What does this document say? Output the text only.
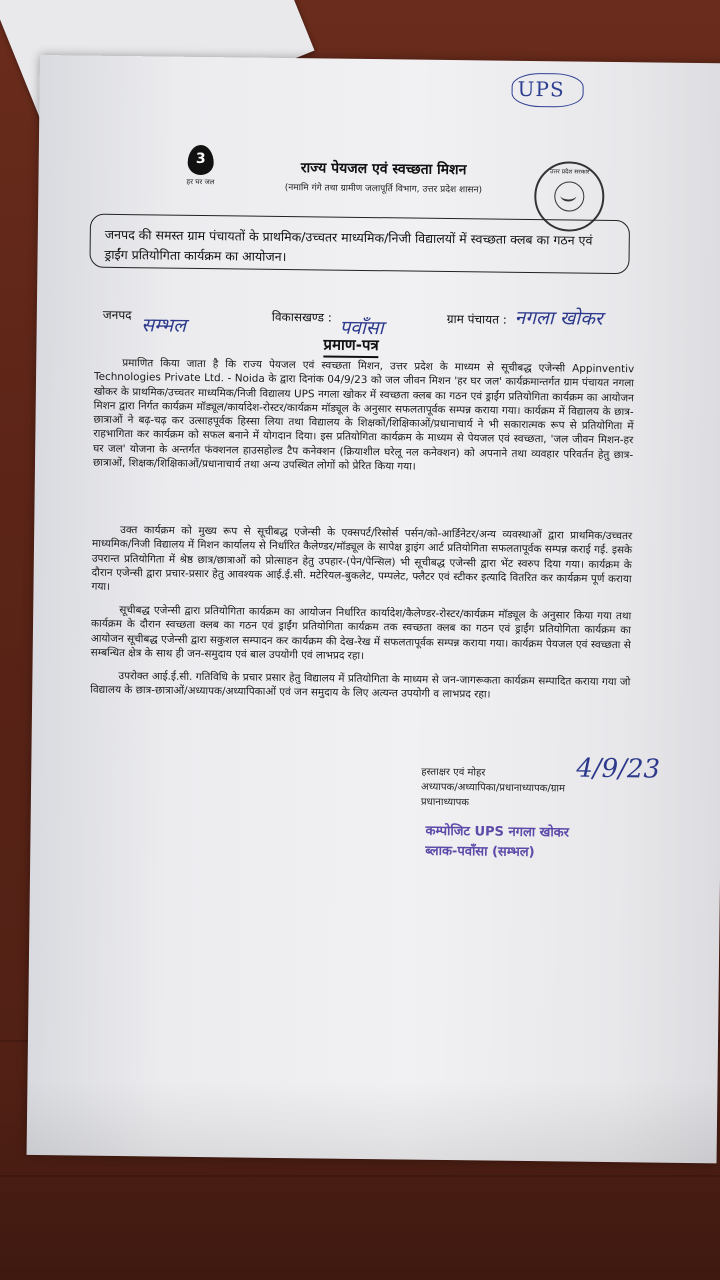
UPS
3
हर घर जल
राज्य पेयजल एवं स्वच्छता मिशन
(नमामि गंगे तथा ग्रामीण जलापूर्ति विभाग, उत्तर प्रदेश शासन)
उत्तर प्रदेश सरकार
जनपद की समस्त ग्राम पंचायतों के प्राथमिक/उच्चतर माध्यमिक/निजी विद्यालयों में स्वच्छता क्लब का गठन एवं ड्राईंग प्रतियोगिता कार्यक्रम का आयोजन।
जनपद सम्भल	विकासखण्ड : पवाँसा	ग्राम पंचायत : नगला खोकर
प्रमाण-पत्र
प्रमाणित किया जाता है कि राज्य पेयजल एवं स्वच्छता मिशन, उत्तर प्रदेश के माध्यम से सूचीबद्ध एजेन्सी Appinventiv Technologies Private Ltd. - Noida के द्वारा दिनांक 04/9/23 को जल जीवन मिशन 'हर घर जल' कार्यक्रमान्तर्गत ग्राम पंचायत नगला खोकर के प्राथमिक/उच्चतर माध्यमिक/निजी विद्यालय UPS नगला खोकर में स्वच्छता क्लब का गठन एवं ड्राईंग प्रतियोगिता कार्यक्रम का आयोजन मिशन द्वारा निर्गत कार्यक्रम मॉड्यूल/कार्यादेश-रोस्टर/कार्यक्रम मॉड्यूल के अनुसार सफलतापूर्वक सम्पन्न कराया गया। कार्यक्रम में विद्यालय के छात्र-छात्राओं ने बढ़-चढ़ कर उत्साहपूर्वक हिस्सा लिया तथा विद्यालय के शिक्षकों/शिक्षिकाओं/प्रधानाचार्य ने भी सकारात्मक रूप से प्रतियोगिता में राहभागिता कर कार्यक्रम को सफल बनाने में योगदान दिया। इस प्रतियोगिता कार्यक्रम के माध्यम से पेयजल एवं स्वच्छता, 'जल जीवन मिशन-हर घर जल' योजना के अन्तर्गत फंक्शनल हाउसहोल्ड टैप कनेक्शन (क्रियाशील घरेलू नल कनेक्शन) को अपनाने तथा व्यवहार परिवर्तन हेतु छात्र-छात्राओं, शिक्षक/शिक्षिकाओं/प्रधानाचार्य तथा अन्य उपस्थित लोगों को प्रेरित किया गया।
उक्त कार्यक्रम को मुख्य रूप से सूचीबद्ध एजेन्सी के एक्सपर्ट/रिसोर्स पर्सन/को-आर्डिनेटर/अन्य व्यवस्थाओं द्वारा प्राथमिक/उच्चतर माध्यमिक/निजी विद्यालय में मिशन कार्यालय से निर्धारित कैलेण्डर/मॉड्यूल के सापेक्ष ड्राइंग आर्ट प्रतियोगिता सफलतापूर्वक सम्पन्न कराई गई. इसके उपरान्त प्रतियोगिता में श्रेष्ठ छात्र/छात्राओं को प्रोत्साहन हेतु उपहार-(पेन/पेन्सिल) भी सूचीबद्ध एजेन्सी द्वारा भेंट स्वरुप दिया गया। कार्यक्रम के दौरान एजेन्सी द्वारा प्रचार-प्रसार हेतु आवश्यक आई.ई.सी. मटेरियल-बुकलेट, पम्पलेट, फ्लैटर एवं स्टीकर इत्यादि वितरित कर कार्यक्रम पूर्ण कराया गया।
सूचीबद्ध एजेन्सी द्वारा प्रतियोगिता कार्यक्रम का आयोजन निर्धारित कार्यादेश/कैलेण्डर-रोस्टर/कार्यक्रम मॉड्यूल के अनुसार किया गया तथा कार्यक्रम के दौरान स्वच्छता क्लब का गठन एवं ड्राईंग प्रतियोगिता कार्यक्रम तक स्वच्छता क्लब का गठन एवं ड्राईंग प्रतियोगिता कार्यक्रम का आयोजन सूचीबद्ध एजेन्सी द्वारा सकुशल सम्पादन कर कार्यक्रम की देख-रेख में सफलतापूर्वक सम्पन्न कराया गया। कार्यक्रम पेयजल एवं स्वच्छता से सम्बन्धित क्षेत्र के साथ ही जन-समुदाय एवं बाल उपयोगी एवं लाभप्रद रहा।
उपरोक्त आई.ई.सी. गतिविधि के प्रचार प्रसार हेतु विद्यालय में प्रतियोगिता के माध्यम से जन-जागरूकता कार्यक्रम सम्पादित कराया गया जो विद्यालय के छात्र-छात्राओं/अध्यापक/अध्यापिकाओं एवं जन समुदाय के लिए अत्यन्त उपयोगी व लाभप्रद रहा।
हस्ताक्षर एवं मोहर
अध्यापक/अध्यापिका/प्रधानाध्यापक/ग्राम
प्रधानाध्यापक
4/9/23
कम्पोजिट UPS नगला खोकर
ब्लाक-पवाँसा (सम्भल)
